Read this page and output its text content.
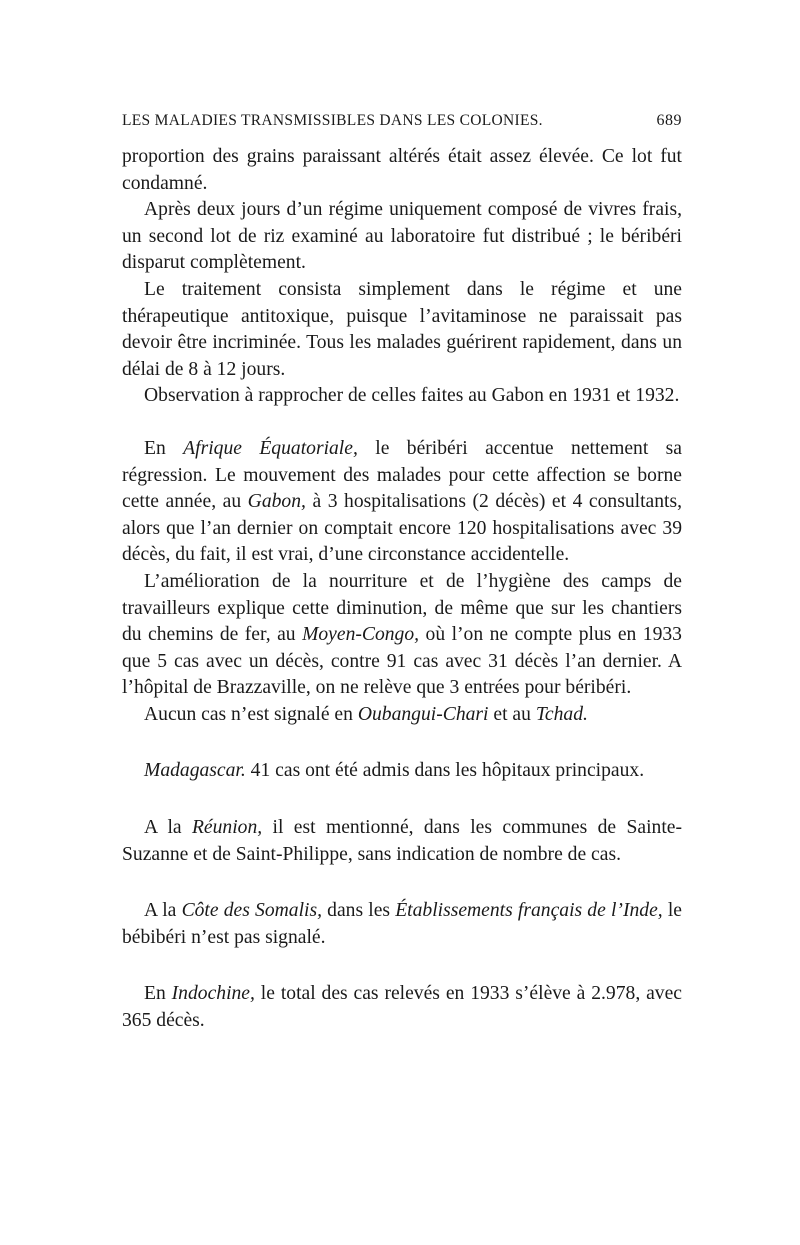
LES MALADIES TRANSMISSIBLES DANS LES COLONIES.	689

proportion des grains paraissant altérés était assez élevée. Ce lot fut condamné.

Après deux jours d’un régime uniquement composé de vivres frais, un second lot de riz examiné au laboratoire fut distribué ; le béribéri disparut complètement.

Le traitement consista simplement dans le régime et une thérapeutique antitoxique, puisque l’avitaminose ne paraissait pas devoir être incriminée. Tous les malades guérirent rapidement, dans un délai de 8 à 12 jours.

Observation à rapprocher de celles faites au Gabon en 1931 et 1932.

En Afrique Équatoriale, le béribéri accentue nettement sa régression. Le mouvement des malades pour cette affection se borne cette année, au Gabon, à 3 hospitalisations (2 décès) et 4 consultants, alors que l’an dernier on comptait encore 120 hospitalisations avec 39 décès, du fait, il est vrai, d’une circonstance accidentelle.

L’amélioration de la nourriture et de l’hygiène des camps de travailleurs explique cette diminution, de même que sur les chantiers du chemins de fer, au Moyen-Congo, où l’on ne compte plus en 1933 que 5 cas avec un décès, contre 91 cas avec 31 décès l’an dernier. A l’hôpital de Brazzaville, on ne relève que 3 entrées pour béribéri.

Aucun cas n’est signalé en Oubangui-Chari et au Tchad.

Madagascar. 41 cas ont été admis dans les hôpitaux principaux.

A la Réunion, il est mentionné, dans les communes de Sainte-Suzanne et de Saint-Philippe, sans indication de nombre de cas.

A la Côte des Somalis, dans les Établissements français de l’Inde, le bébibéri n’est pas signalé.

En Indochine, le total des cas relevés en 1933 s’élève à 2.978, avec 365 décès.
